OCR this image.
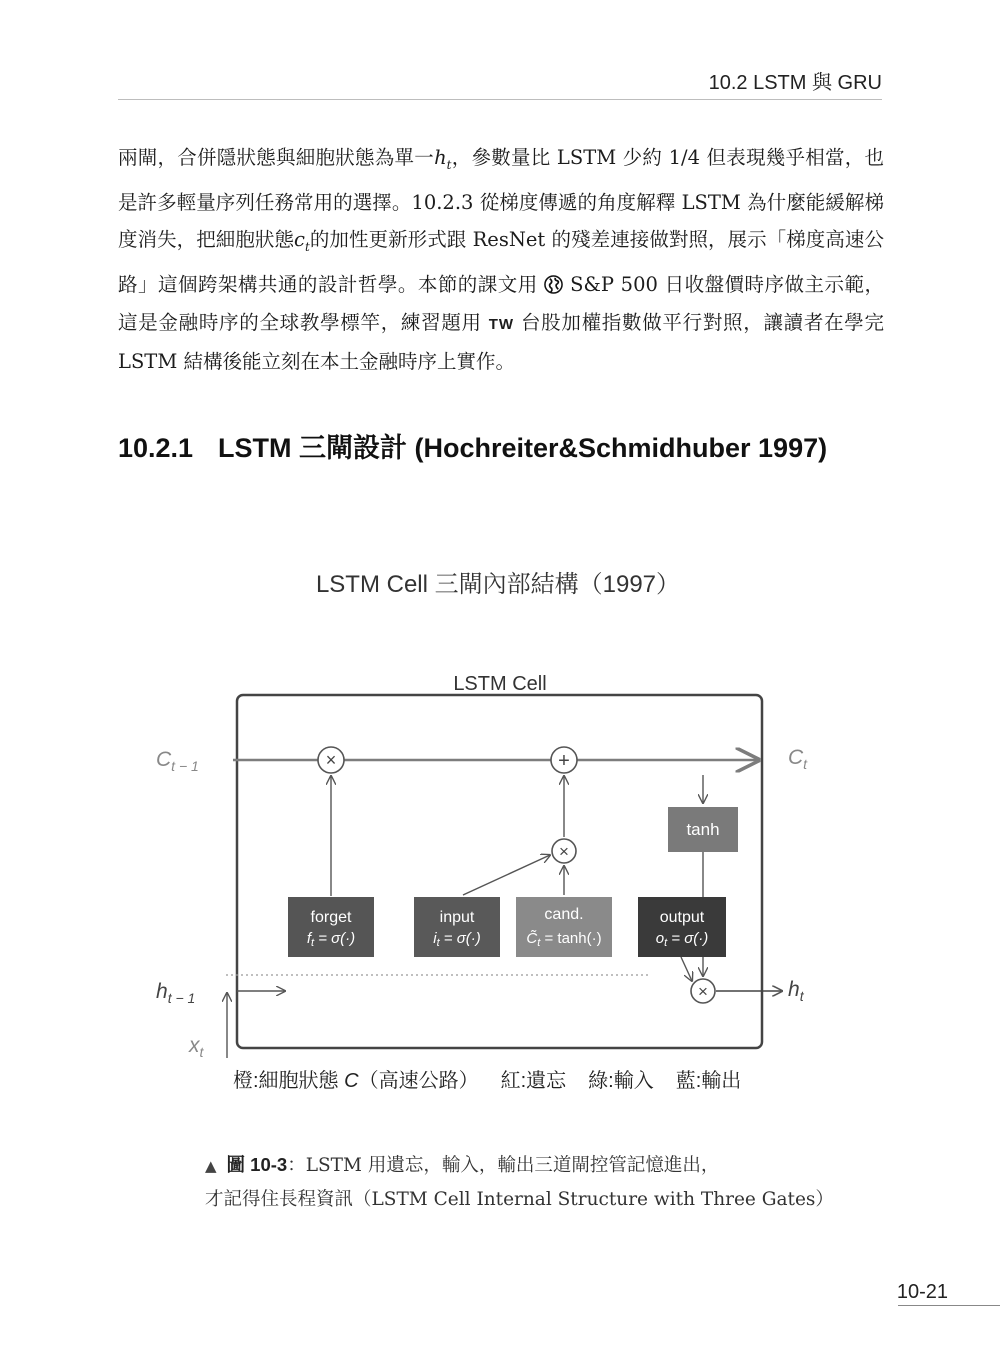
10.2 LSTM 與 GRU
兩閘，合併隱狀態與細胞狀態為單一$h_t$，參數量比 LSTM 少約 1/4 但表現幾乎相當，也是許多輕量序列任務常用的選擇。10.2.3 從梯度傳遞的角度解釋 LSTM 為什麼能緩解梯度消失，把細胞狀態$c_t$的加性更新形式跟 ResNet 的殘差連接做對照，展示「梯度高速公路」這個跨架構共通的設計哲學。本節的課文用 S&P 500 日收盤價時序做主示範，這是金融時序的全球教學標竿，練習題用 TW 台股加權指數做平行對照，讓讀者在學完 LSTM 結構後能立刻在本土金融時序上實作。
10.2.1 LSTM 三閘設計 (Hochreiter&Schmidhuber 1997)
LSTM Cell 三閘內部結構（1997）
LSTM Cell
$C_{t - 1}$	$C_t$
×	+
×
×
$h_{t - 1}$	$h_t$
$x_t$
forget
$f_t = \sigma(\cdot)$
input
$i_t = \sigma(\cdot)$
cand.
$C̃_t = \tanh(\cdot)$
output
$o_t = \sigma(\cdot)$
tanh
橙:細胞狀態 C（高速公路） 紅:遺忘 綠:輸入 藍:輸出
▲ 圖 10-3：LSTM 用遺忘，輸入，輸出三道閘控管記憶進出，
才記得住長程資訊（LSTM Cell Internal Structure with Three Gates）
10-21
